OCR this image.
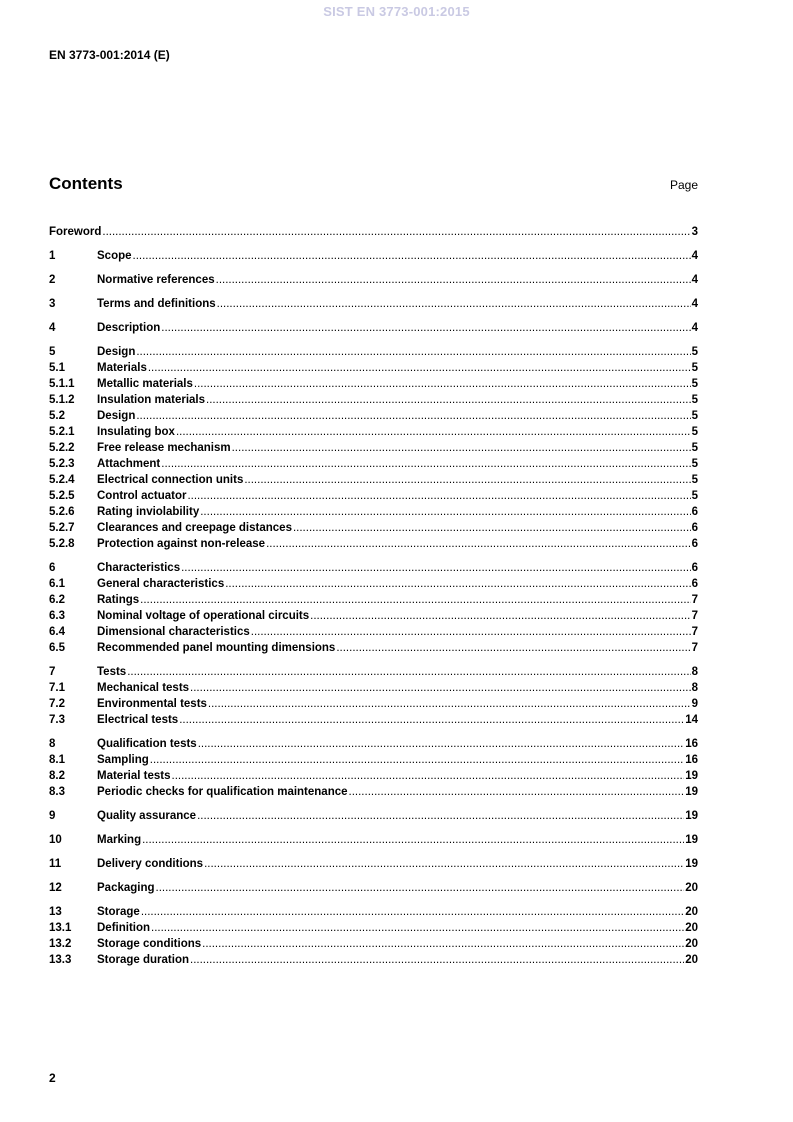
SIST EN 3773-001:2015
EN 3773-001:2014 (E)
Contents	Page
Foreword .....	3
1	Scope .....	4
2	Normative references .....	4
3	Terms and definitions .....	4
4	Description .....	4
5	Design .....	5
5.1	Materials .....	5
5.1.1	Metallic materials .....	5
5.1.2	Insulation materials .....	5
5.2	Design .....	5
5.2.1	Insulating box .....	5
5.2.2	Free release mechanism .....	5
5.2.3	Attachment .....	5
5.2.4	Electrical connection units .....	5
5.2.5	Control actuator .....	5
5.2.6	Rating inviolability .....	6
5.2.7	Clearances and creepage distances .....	6
5.2.8	Protection against non-release .....	6
6	Characteristics .....	6
6.1	General characteristics .....	6
6.2	Ratings .....	7
6.3	Nominal voltage of operational circuits .....	7
6.4	Dimensional characteristics .....	7
6.5	Recommended panel mounting dimensions .....	7
7	Tests .....	8
7.1	Mechanical tests .....	8
7.2	Environmental tests .....	9
7.3	Electrical tests .....	14
8	Qualification tests .....	16
8.1	Sampling .....	16
8.2	Material tests .....	19
8.3	Periodic checks for qualification maintenance .....	19
9	Quality assurance .....	19
10	Marking .....	19
11	Delivery conditions .....	19
12	Packaging .....	20
13	Storage .....	20
13.1	Definition .....	20
13.2	Storage conditions .....	20
13.3	Storage duration .....	20
2
